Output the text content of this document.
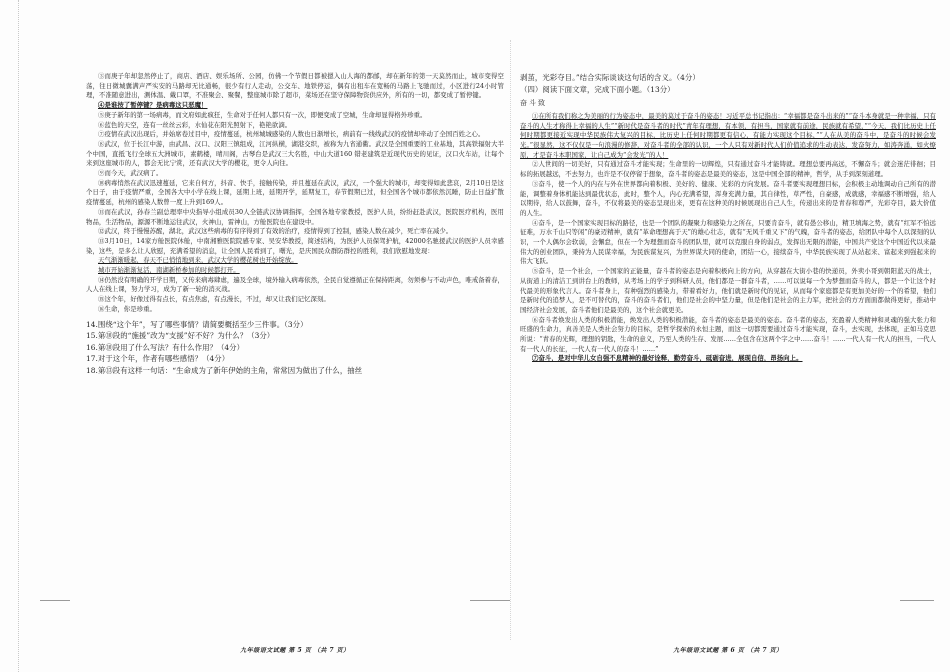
③而庚子年却忽然停止了，商店、酒店、娱乐场所、公园，仿佛一个节假日都被摁入山人海的都邮，却在新年的第一天莫然而止，城市变得空荡，往日微城囊满声严实安的马路却无比通畅，很少有行人走动，公交车、地铁停运，偶有出租车在宽畅的马路上飞驰而过，小区进行24小时管理，不准随意进出，测体温、戴口罩，不准聚会、聚餐，整座城市除了超市，菜场还在坚守保障物资供应外，所有的一切，都变成了暂停键。

④是谁按了暂停键？是病毒这只恶魔！

⑤庚子新年的第一场病毒，而文府如此疯狂，生命对于任何人都只有一次，即便变成了空城，生命却显得格外珍重。

⑥蓝色的天空，连有一丝丝云彩，水仙花在阳光照射下，艳艳欲滴。

⑦疫情在武汉出现后，并始席卷过目中，疫情蔓延，杭州城城感染的人数也日渐增长，病前有一线线武汉的疫情却牵动了全国百姓之心。

⑧武汉，位于长江中游，由武昌、汉口、汉阳三镇组成，江河纵横，湖港交织，被称为九省通衢。武汉是全国重要的工业基地，其高铁辐射大半个中国，直抵飞行全球五大洲城市，素鹤楼，晴川阁，古琴台是武汉三大名胜，中山大道160 错老建筑是近现代历史的见证，汉口火车站，让每个来到这座城市的人，都会无比宁赏，还有武汉大学的樱花，更令人向往。

⑨而今天，武汉病了。

⑩病毒悄然在武汉迅速蔓延，它来自何方，抖音、快手，接触传染，并且蔓延在武汉，武汉，一个强大的城市，却变得如此悲哀，2月10日是这个日子，由于疫情严重，全国各大中小学在线上课，延期上班，延期开学，延期复工，春节假期已过，但全国各个城市都依然沉睡，防止日益扩散疫情蔓延，杭州的感染人数曾一度上升到169人。

⑪而在武汉，孙春兰副总理率中央指导小组成员30人全链武汉协调指挥，全国各地专家教授，医护人员，纷纷赶赴武汉，医院医疗机构，医用物品，生活物品，源源不断地运往武汉，火神山，雷神山，方舱医院也在建设中。

⑫武汉，终于慢慢苏醒，湖北，武汉这些病毒的有序得到了有效的治疗，疫情得到了控制，感染人数在减少，死亡率在减少。

⑬3月10日，14家方舱医院休舱，中南湘雅医院院感专家、吴安华教授，简述结构，为医护人员保驾护航，42000名驰援武汉的医护人员幸感染，这些，是多么让人欣慰，充满希望的消息，让全国人民看到了，曙光，是庆国民众群防群控的胜利，我们欣慰地发现：

天气渐渐暖起，春天不已悄悄地到来，武汉大学的樱花树也开始绽放。

城市开始渐渐复活，南湖新桥参加的时候都打开。

⑭仍然没有明确的开学日期，又传来病毒肆虐，遍及全球，境外输入病毒依然，全民自觉遵循正在保持距离，勿须参与不动声色，唯戒备着春，人人在线上课，努力学习，成为了新一轮的消灭战。

⑮这个年，好像过得有点长，有点焦虑，有点漫长，不过，却又让我们记忆深刻。

⑯生命，你是珍重。

14.围绕“这个年”，写了哪些事情？请简要概括至少三件事。（3分）

15.第⑩段的“施援”改为“支援”好不好？为什么？（3分）

16.第⑩段用了什么写法？有什么作用？（4分）

17.对于这个年，作者有哪些感悟？（4分）

18.第⑬段有这样一句话：“生命成为了新年伊始的主角，常常因为做出了什么，抽丝

九年级语文试题 第 5 页 （共 7 页）

剥茧，光彩夺目。”结合实际谈谈这句话的含义。（4分）

（四）阅读下面文章，完成下面小题。（13分）

奋斗致

①在所有我们称之为美丽的行为姿态中，最美的莫过于奋斗的姿态！习近平总书记指出：“幸福都是奋斗出来的”“奋斗本身就是一种幸福，只有奋斗的人生才称得上幸福的人生”“新时代是奋斗者的时代”青年有理想，有本领，有担当，国家就有前途，民族就有希望，”“今天，我们比历史上任何时期都更接近实现中华民族伟大复兴的目标，比历史上任何时期都更有信心，有能力实现这个目标，”“人在从美的奋斗中，是奋斗的时候会发光。”很显然，这不仅仅是一句浪漫的修辞，对奋斗者的全部的认识，一个人只有对新时代人们价值追求的生动表达，发奋努力，如涛奔涌，如火燎原，才是奋斗本职国家，让自己成为“会发光”的人！

②人世间的一切美好，只有通过奋斗才能实现；生命里的一切辉煌，只有通过奋斗才能铸就。理想总要再高远，不懈奋斗；就会迷茫徘徊；目标的拓展越远，不去努力，也许是不仅停留于想象，奋斗者的姿态是最美的姿态，这是中国全部的精神，哲学，从手到深刻道理。

③奋斗，使一个人的内在与外在世界都向着积极、美好的、健康、光彩的方向发展。奋斗者要实现理想目标，会积极主动地调动自己所有的潜能，调整着身体机能达到最优状态，此时，整个人，内心充满希望，浑身充满力量，其自律性，草严性，自豪感，成就感，幸福感不断增强，给人以期待，给人以鼓舞，奋斗，不仅将最美的姿态呈现出来，更有在这种美的时候展现出自己人生，传递出来的是青春和尊严，光彩夺目，最大价值的人生。

④奋斗，是一个国家实现目标的路径，也是一个团队的凝聚力和感染力之所在，只要肯奋斗，就有愚公移山，精卫填海之势，就有“红军不怕远征难，万水千山只等闲”的豪迈精神，就有“革命理想高于天”的雄心壮志，就有“无风千重又下”的气魄，奋斗者的姿态，给团队中每个人以深刻的认识，一个人偶尔会软弱，会懈怠，但在一个为理想而奋斗的团队里，就可以克服自身的弱点，发挥出无限的潜能，中国共产党这个中国近代以来最伟大的创业团队，秉持为人民谋幸福，为民族谋复兴，为世界谋大同的使命，团结一心，接续奋斗，中华民族实现了从站起来、富起来到强起来的伟大飞跃。

⑤奋斗，是一个社会，一个国家的正能量，奋斗者的姿态是向着积极向上的方向，从穿越在大街小巷的快递员，外卖小哥到朝阳蓝天的战士，从街道上的清洁工到讲台上的教师，从考场上的学子到科研人员，他们都是一群奋斗者，……可以说每一个为梦想而奋斗的人，都是一个让这个时代最美的形象代言人。奋斗者身上，有种强烈的感染力，带着看好力，他们就是新时代的见证，从而每个家庭都是有更加美好的一个的希望，他们是新时代的追梦人，是不可替代的，奋斗的奋斗者们，他们是社会的中坚力量，但是他们是社会的主力军，把社会的方方面面都做得更好，推动中国经济社会发展，奋斗者他们是最美的，这个社会就更美。

⑥奋斗者焕发出人类的积极潜能，焕发出人类的积极潜能，奋斗者的姿态是最美的姿态。奋斗者的姿态，充盈着人类精神和灵魂的强大张力和旺盛的生命力，真善美是人类社会努力的目标，是哲学探索的永恒主题，而这一切都需要通过奋斗才能实现，奋斗，去实现，去体现，正如马克思所说：“青春的光辉，理想的钥匙，生命的意义，乃至人类的生存、发展……全包含在这两个字之中……奋斗！……一代人有一代人的担当，一代人有一代人的长征，一代人有一代人的奋斗！……”

⑦奋斗，是对中华儿女自强不息精神的最好诠释，勤劳奋斗，砥砺奋进，展现自信，昂扬向上。

九年级语文试题 第 6 页 （共 7 页）
